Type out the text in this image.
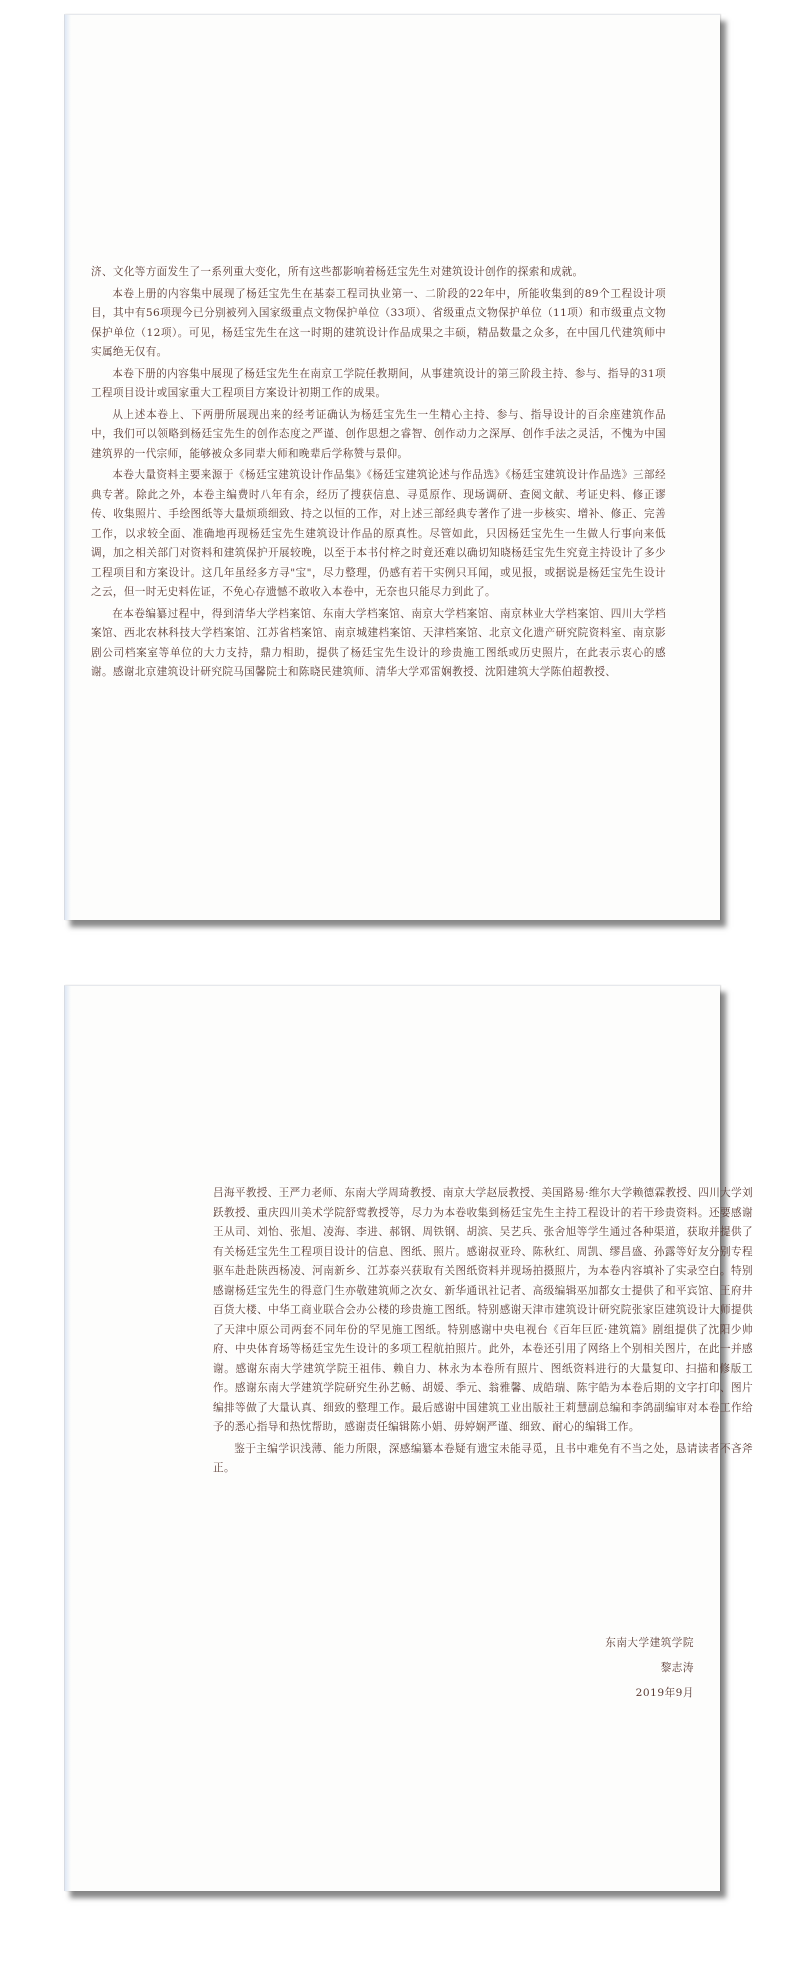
济、文化等方面发生了一系列重大变化，所有这些都影响着杨廷宝先生对建筑设计创作的探索和成就。

本卷上册的内容集中展现了杨廷宝先生在基泰工程司执业第一、二阶段的22年中，所能收集到的89个工程设计项目，其中有56项现今已分别被列入国家级重点文物保护单位（33项）、省级重点文物保护单位（11项）和市级重点文物保护单位（12项）。可见，杨廷宝先生在这一时期的建筑设计作品成果之丰硕，精品数量之众多，在中国几代建筑师中实属绝无仅有。

本卷下册的内容集中展现了杨廷宝先生在南京工学院任教期间，从事建筑设计的第三阶段主持、参与、指导的31项工程项目设计或国家重大工程项目方案设计初期工作的成果。

从上述本卷上、下两册所展现出来的经考证确认为杨廷宝先生一生精心主持、参与、指导设计的百余座建筑作品中，我们可以领略到杨廷宝先生的创作态度之严谨、创作思想之睿智、创作动力之深厚、创作手法之灵活，不愧为中国建筑界的一代宗师，能够被众多同辈大师和晚辈后学称赞与景仰。

本卷大量资料主要来源于《杨廷宝建筑设计作品集》《杨廷宝建筑论述与作品选》《杨廷宝建筑设计作品选》三部经典专著。除此之外，本卷主编费时八年有余，经历了搜获信息、寻觅原作、现场调研、查阅文献、考证史料、修正谬传、收集照片、手绘图纸等大量烦琐细致、持之以恒的工作，对上述三部经典专著作了进一步核实、增补、修正、完善工作，以求较全面、准确地再现杨廷宝先生建筑设计作品的原真性。尽管如此，只因杨廷宝先生一生做人行事向来低调，加之相关部门对资料和建筑保护开展较晚，以至于本书付梓之时竟还难以确切知晓杨廷宝先生究竟主持设计了多少工程项目和方案设计。这几年虽经多方寻"宝"，尽力整理，仍感有若干实例只耳闻，或见报，或据说是杨廷宝先生设计之云，但一时无史料佐证，不免心存遗憾不敢收入本卷中，无奈也只能尽力到此了。

在本卷编纂过程中，得到清华大学档案馆、东南大学档案馆、南京大学档案馆、南京林业大学档案馆、四川大学档案馆、西北农林科技大学档案馆、江苏省档案馆、南京城建档案馆、天津档案馆、北京文化遗产研究院资料室、南京影剧公司档案室等单位的大力支持，鼎力相助，提供了杨廷宝先生设计的珍贵施工图纸或历史照片，在此表示衷心的感谢。感谢北京建筑设计研究院马国馨院士和陈晓民建筑师、清华大学邓雷娴教授、沈阳建筑大学陈伯超教授、

吕海平教授、王严力老师、东南大学周琦教授、南京大学赵辰教授、美国路易·维尔大学赖德霖教授、四川大学刘跃教授、重庆四川美术学院舒莺教授等，尽力为本卷收集到杨廷宝先生主持工程设计的若干珍贵资料。还要感谢王从司、刘怡、张旭、凌海、李进、郝钢、周铁钢、胡滨、吴艺兵、张舍旭等学生通过各种渠道，获取并提供了有关杨廷宝先生工程项目设计的信息、图纸、照片。感谢叔亚玲、陈秋红、周凯、缪昌盛、孙露等好友分别专程驱车赴赴陕西杨凌、河南新乡、江苏泰兴获取有关图纸资料并现场拍摄照片，为本卷内容填补了实录空白。特别感谢杨廷宝先生的得意门生亦敬建筑师之次女、新华通讯社记者、高级编辑巫加都女士提供了和平宾馆、王府井百货大楼、中华工商业联合会办公楼的珍贵施工图纸。特别感谢天津市建筑设计研究院张家臣建筑设计大师提供了天津中原公司两套不同年份的罕见施工图纸。特别感谢中央电视台《百年巨匠·建筑篇》剧组提供了沈阳少帅府、中央体育场等杨廷宝先生设计的多项工程航拍照片。此外，本卷还引用了网络上个别相关图片，在此一并感谢。感谢东南大学建筑学院王祖伟、赖自力、林永为本卷所有照片、图纸资料进行的大量复印、扫描和修版工作。感谢东南大学建筑学院研究生孙艺畅、胡媛、季元、翁雅馨、成皓瑞、陈宇皓为本卷后期的文字打印、图片编排等做了大量认真、细致的整理工作。最后感谢中国建筑工业出版社王莉慧副总编和李鸽副编审对本卷工作给予的悉心指导和热忱帮助，感谢责任编辑陈小娟、毋婷娴严谨、细致、耐心的编辑工作。

鉴于主编学识浅薄、能力所限，深感编纂本卷疑有遗宝未能寻觅，且书中难免有不当之处，恳请读者不吝斧正。

东南大学建筑学院
黎志涛
2019年9月
